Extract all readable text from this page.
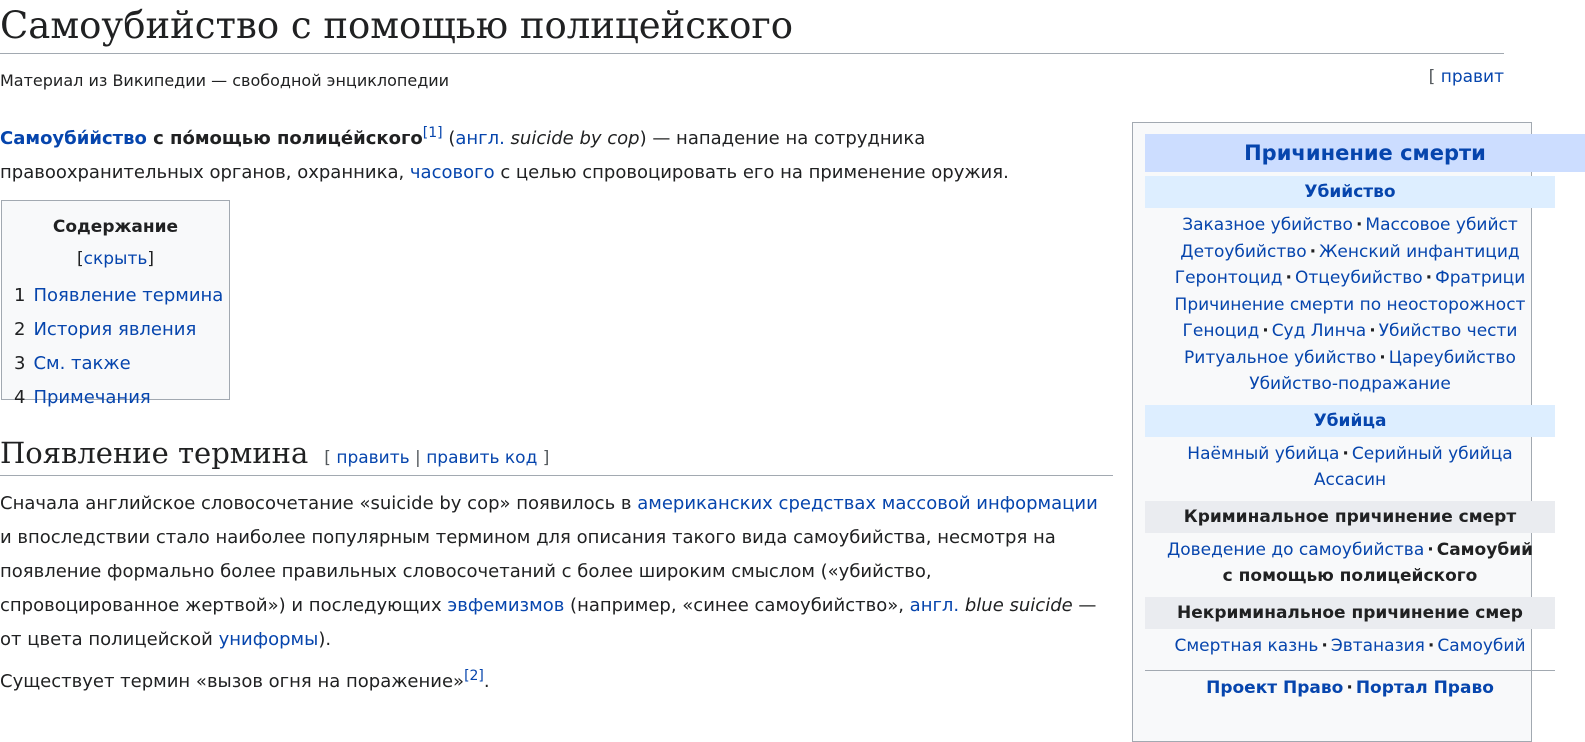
Самоубийство с помощью полицейского
Материал из Википедии — свободной энциклопедии	[ правит

Самоуби́йство с по́мощью полице́йского[1] (англ. suicide by cop) — нападение на сотрудника правоохранительных органов, охранника, часового с целью спровоцировать его на применение оружия.

Содержание [скрыть]
1 Появление термина
2 История явления
3 См. также
4 Примечания
Появление термина [ править | править код ]

Сначала английское словосочетание «suicide by cop» появилось в американских средствах массовой информации и впоследствии стало наиболее популярным термином для описания такого вида самоубийства, несмотря на появление формально более правильных словосочетаний с более широким смыслом («убийство, спровоцированное жертвой») и последующих эвфемизмов (например, «синее самоубийство», англ. blue suicide — от цвета полицейской униформы).

Существует термин «вызов огня на поражение»[2].

Причинение смерти
Убийство
Заказное убийство · Массовое убийст
Детоубийство · Женский инфантицид
Геронтоцид · Отцеубийство · Фратрици
Причинение смерти по неосторожност
Геноцид · Суд Линча · Убийство чести
Ритуальное убийство · Цареубийство
Убийство-подражание
Убийца
Наёмный убийца · Серийный убийца
Ассасин
Криминальное причинение смерт
Доведение до самоубийства · Самоубий
с помощью полицейского
Некриминальное причинение смер
Смертная казнь · Эвтаназия · Самоубий
Проект Право · Портал Право
